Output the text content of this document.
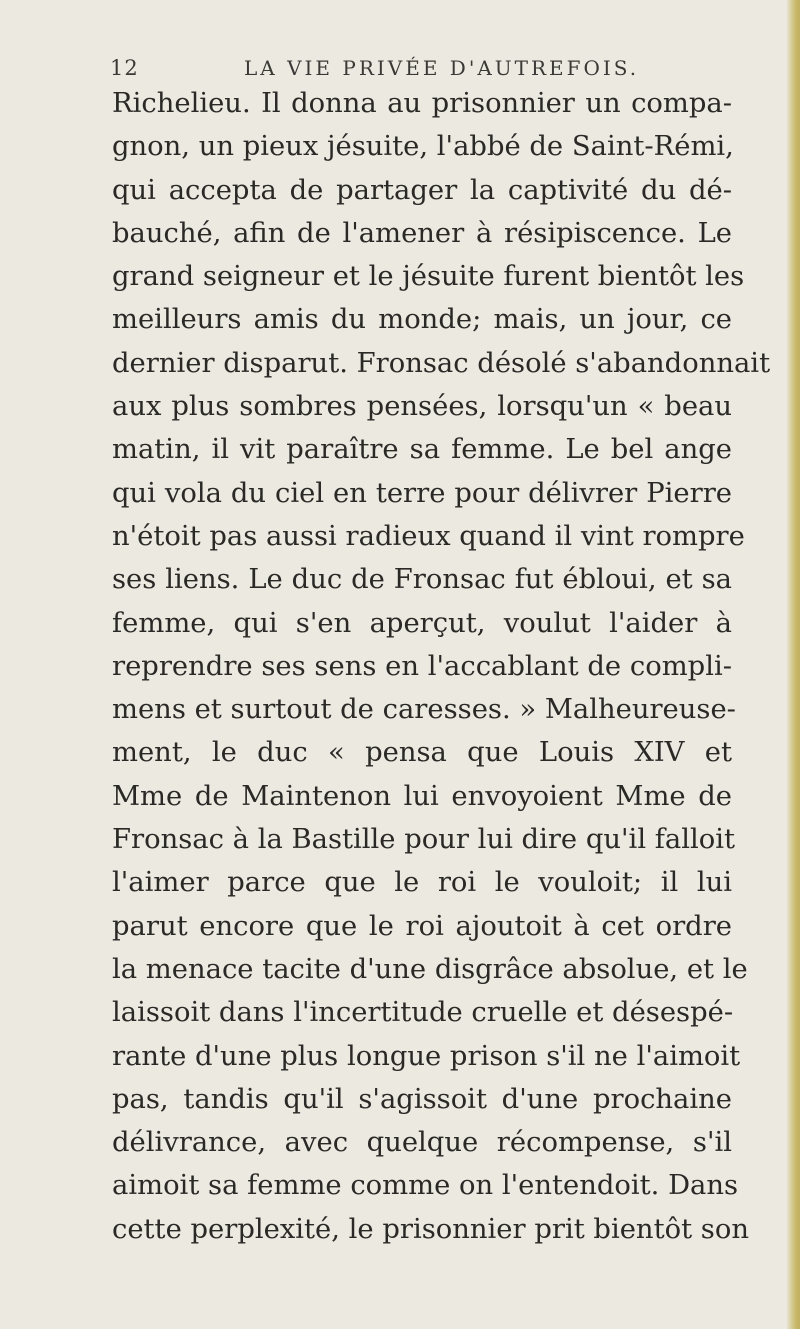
12	LA VIE PRIVÉE D'AUTREFOIS.
Richelieu. Il donna au prisonnier un compa-
gnon, un pieux jésuite, l'abbé de Saint-Rémi,
qui accepta de partager la captivité du dé-
bauché, afin de l'amener à résipiscence. Le
grand seigneur et le jésuite furent bientôt les
meilleurs amis du monde; mais, un jour, ce
dernier disparut. Fronsac désolé s'abandonnait
aux plus sombres pensées, lorsqu'un « beau
matin, il vit paraître sa femme. Le bel ange
qui vola du ciel en terre pour délivrer Pierre
n'étoit pas aussi radieux quand il vint rompre
ses liens. Le duc de Fronsac fut ébloui, et sa
femme, qui s'en aperçut, voulut l'aider à
reprendre ses sens en l'accablant de compli-
mens et surtout de caresses. » Malheureuse-
ment, le duc « pensa que Louis XIV et
Mme de Maintenon lui envoyoient Mme de
Fronsac à la Bastille pour lui dire qu'il falloit
l'aimer parce que le roi le vouloit; il lui
parut encore que le roi ajoutoit à cet ordre
la menace tacite d'une disgrâce absolue, et le
laissoit dans l'incertitude cruelle et désespé-
rante d'une plus longue prison s'il ne l'aimoit
pas, tandis qu'il s'agissoit d'une prochaine
délivrance, avec quelque récompense, s'il
aimoit sa femme comme on l'entendoit. Dans
cette perplexité, le prisonnier prit bientôt son
